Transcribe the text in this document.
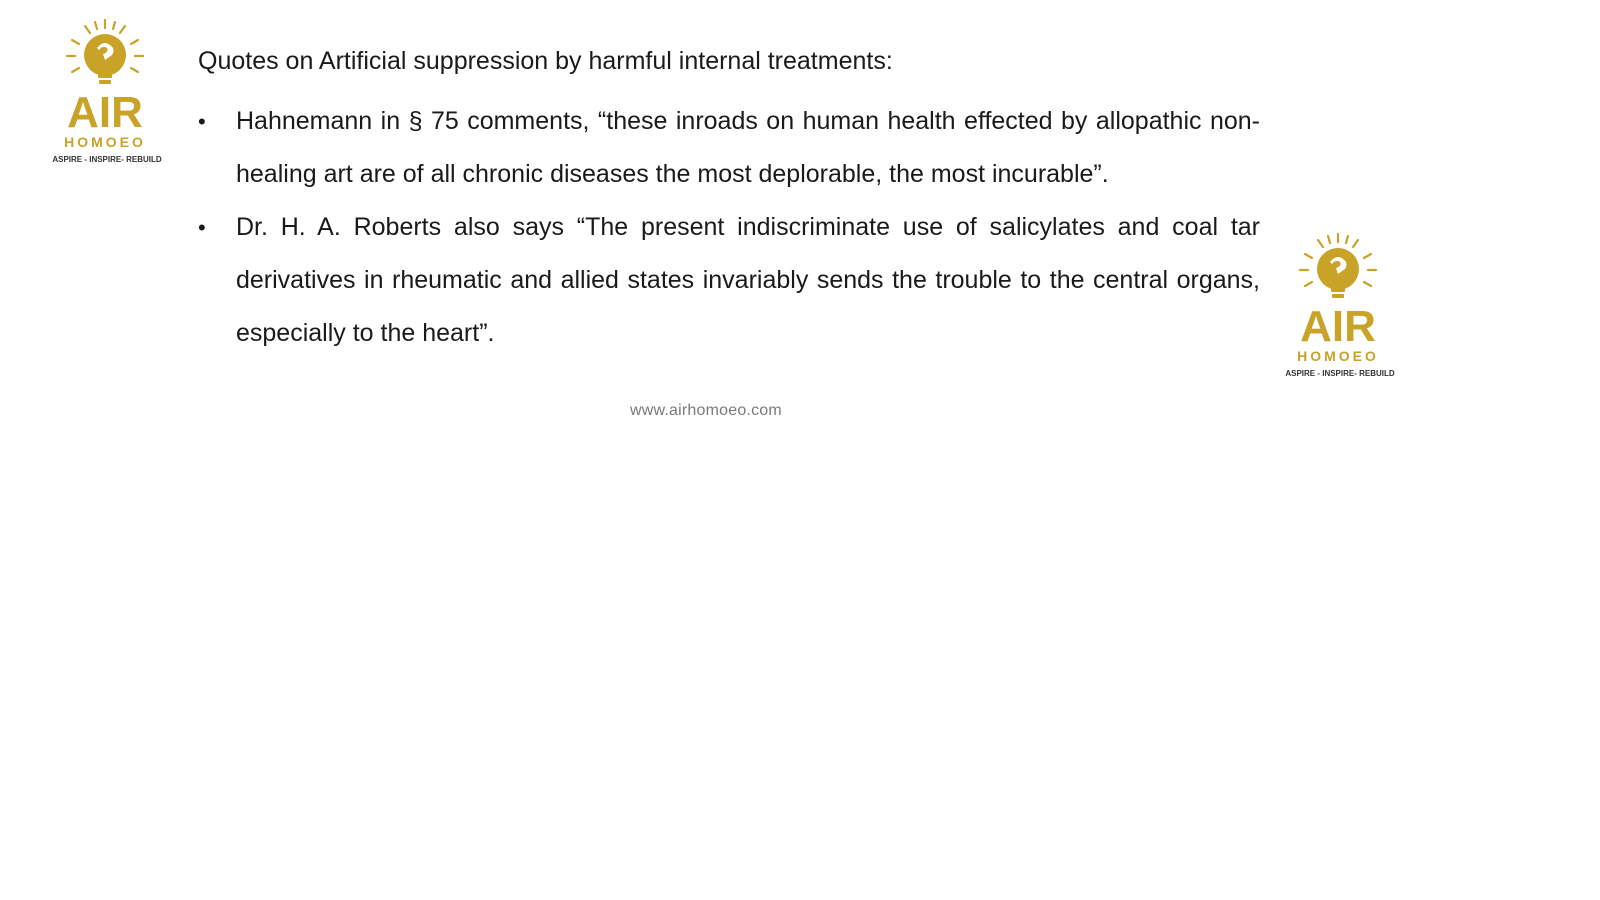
AIR
HOMOEO
ASPIRE - INSPIRE- REBUILD
AIR
HOMOEO
ASPIRE - INSPIRE- REBUILD
Quotes on Artificial suppression by harmful internal treatments:
• Hahnemann in § 75 comments, “these inroads on human health effected by allopathic non-healing art are of all chronic diseases the most deplorable, the most incurable”.
• Dr. H. A. Roberts also says “The present indiscriminate use of salicylates and coal tar derivatives in rheumatic and allied states invariably sends the trouble to the central organs, especially to the heart”.
www.airhomoeo.com
